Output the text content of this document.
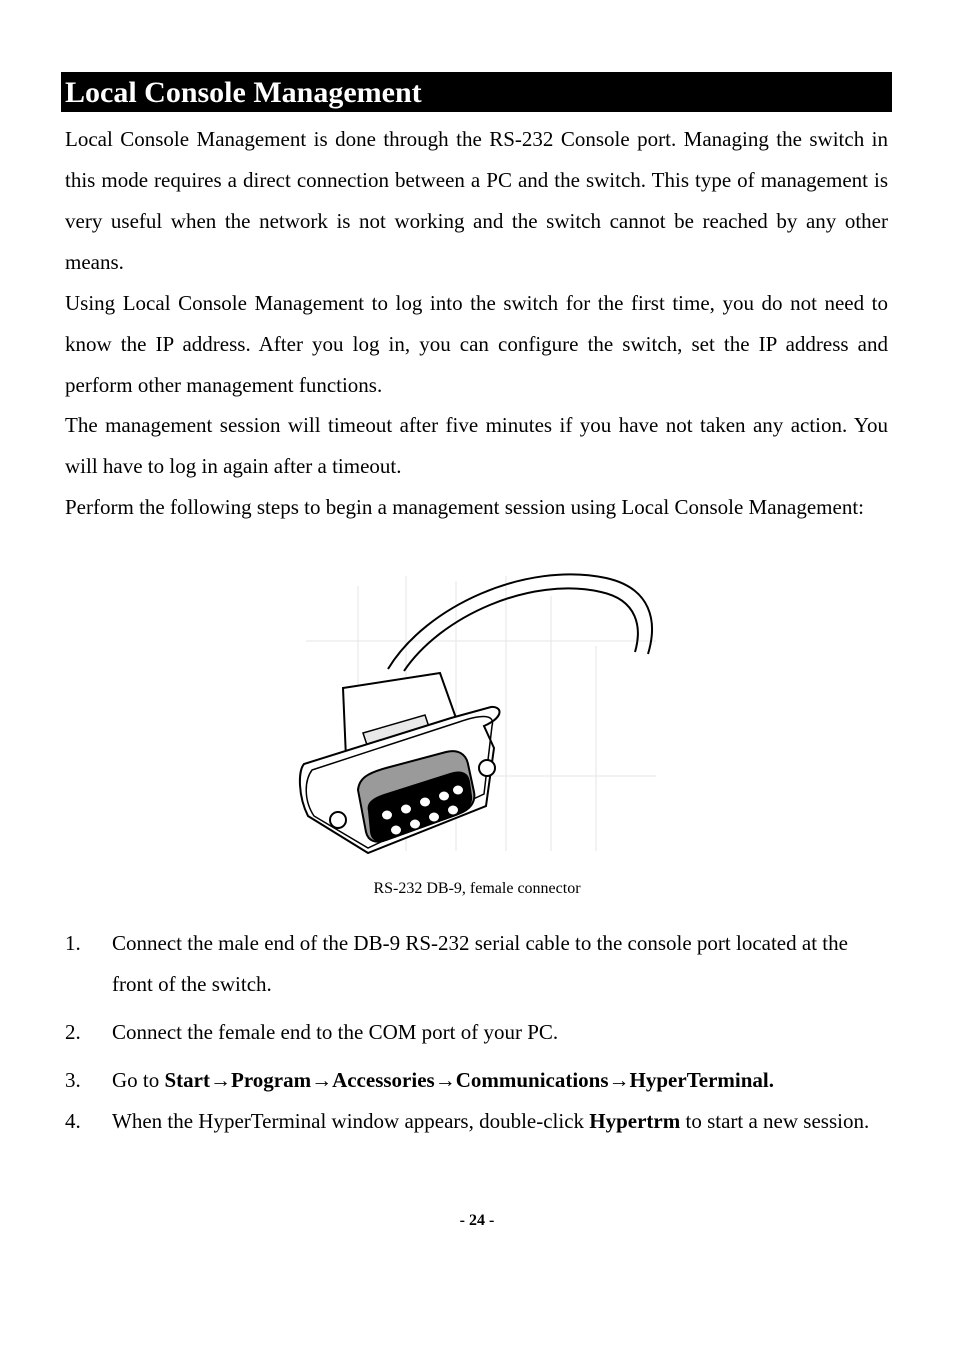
Local Console Management

Local Console Management is done through the RS-232 Console port. Managing the switch in this mode requires a direct connection between a PC and the switch. This type of management is very useful when the network is not working and the switch cannot be reached by any other means.

Using Local Console Management to log into the switch for the first time, you do not need to know the IP address. After you log in, you can configure the switch, set the IP address and perform other management functions.

The management session will timeout after five minutes if you have not taken any action. You will have to log in again after a timeout.

Perform the following steps to begin a management session using Local Console Management:

RS-232 DB-9, female connector
1.	Connect the male end of the DB-9 RS-232 serial cable to the console port located at the front of the switch.
2.	Connect the female end to the COM port of your PC.
3.	Go to Start→Program→Accessories→Communications→HyperTerminal.
4.	When the HyperTerminal window appears, double-click Hypertrm to start a new session.
- 24 -
